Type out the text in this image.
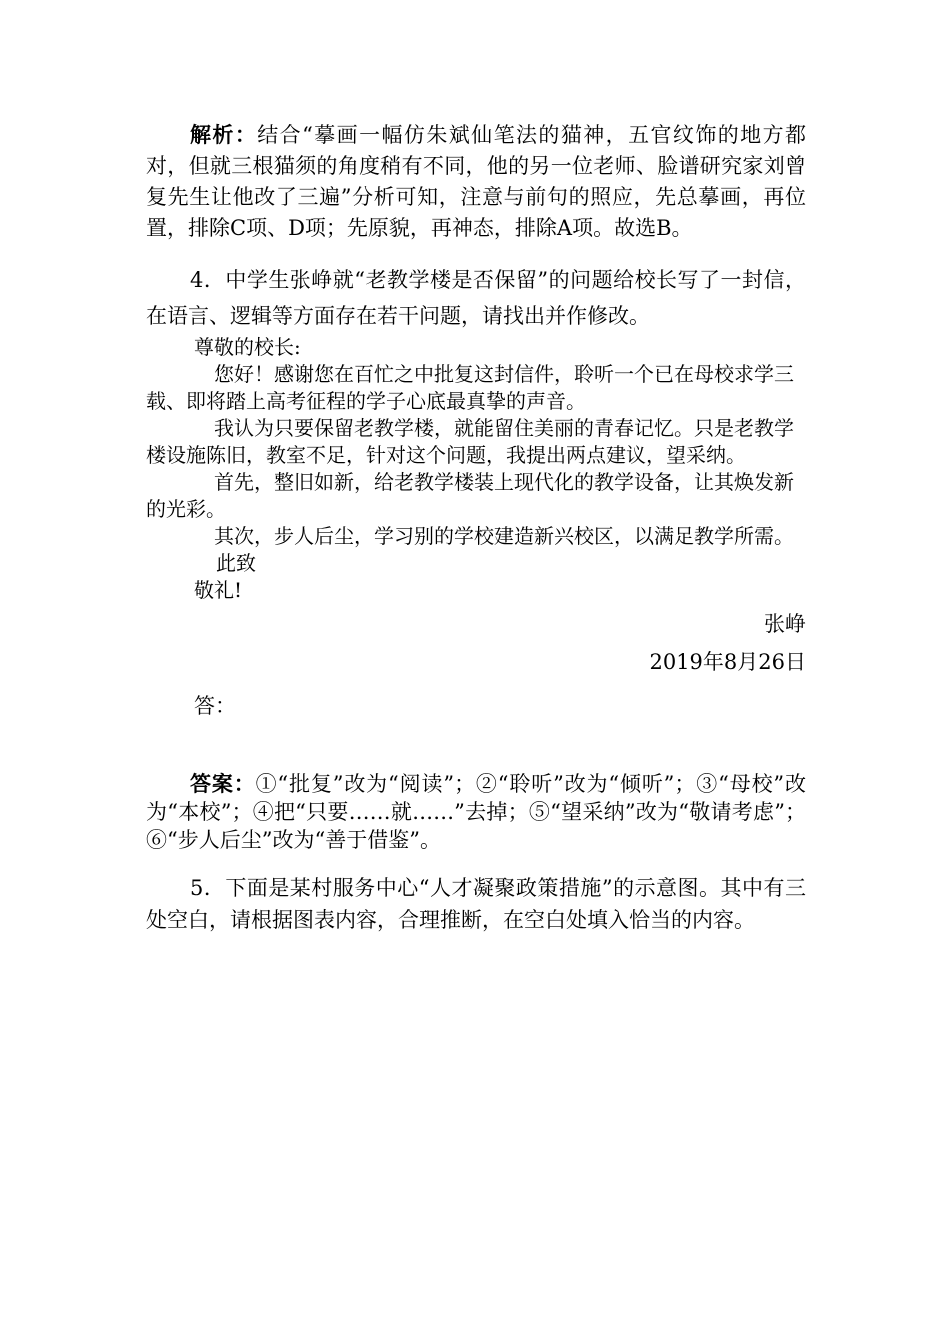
解析：结合“摹画一幅仿朱斌仙笔法的猫神，五官纹饰的地方都对，但就三根猫须的角度稍有不同，他的另一位老师、脸谱研究家刘曾复先生让他改了三遍”分析可知，注意与前句的照应，先总摹画，再位置，排除C项、D项；先原貌，再神态，排除A项。故选B。

4．中学生张峥就“老教学楼是否保留”的问题给校长写了一封信，在语言、逻辑等方面存在若干问题，请找出并作修改。

尊敬的校长:

您好！感谢您在百忙之中批复这封信件，聆听一个已在母校求学三载、即将踏上高考征程的学子心底最真挚的声音。

我认为只要保留老教学楼，就能留住美丽的青春记忆。只是老教学楼设施陈旧，教室不足，针对这个问题，我提出两点建议，望采纳。

首先，整旧如新，给老教学楼装上现代化的教学设备，让其焕发新的光彩。

其次，步人后尘，学习别的学校建造新兴校区，以满足教学所需。

此致

敬礼!

张峥

2019年8月26日

答：

答案：①“批复”改为“阅读”；②“聆听”改为“倾听”；③“母校”改为“本校”；④把“只要……就……”去掉；⑤“望采纳”改为“敬请考虑”；⑥“步人后尘”改为“善于借鉴”。

5．下面是某村服务中心“人才凝聚政策措施”的示意图。其中有三处空白，请根据图表内容，合理推断，在空白处填入恰当的内容。
